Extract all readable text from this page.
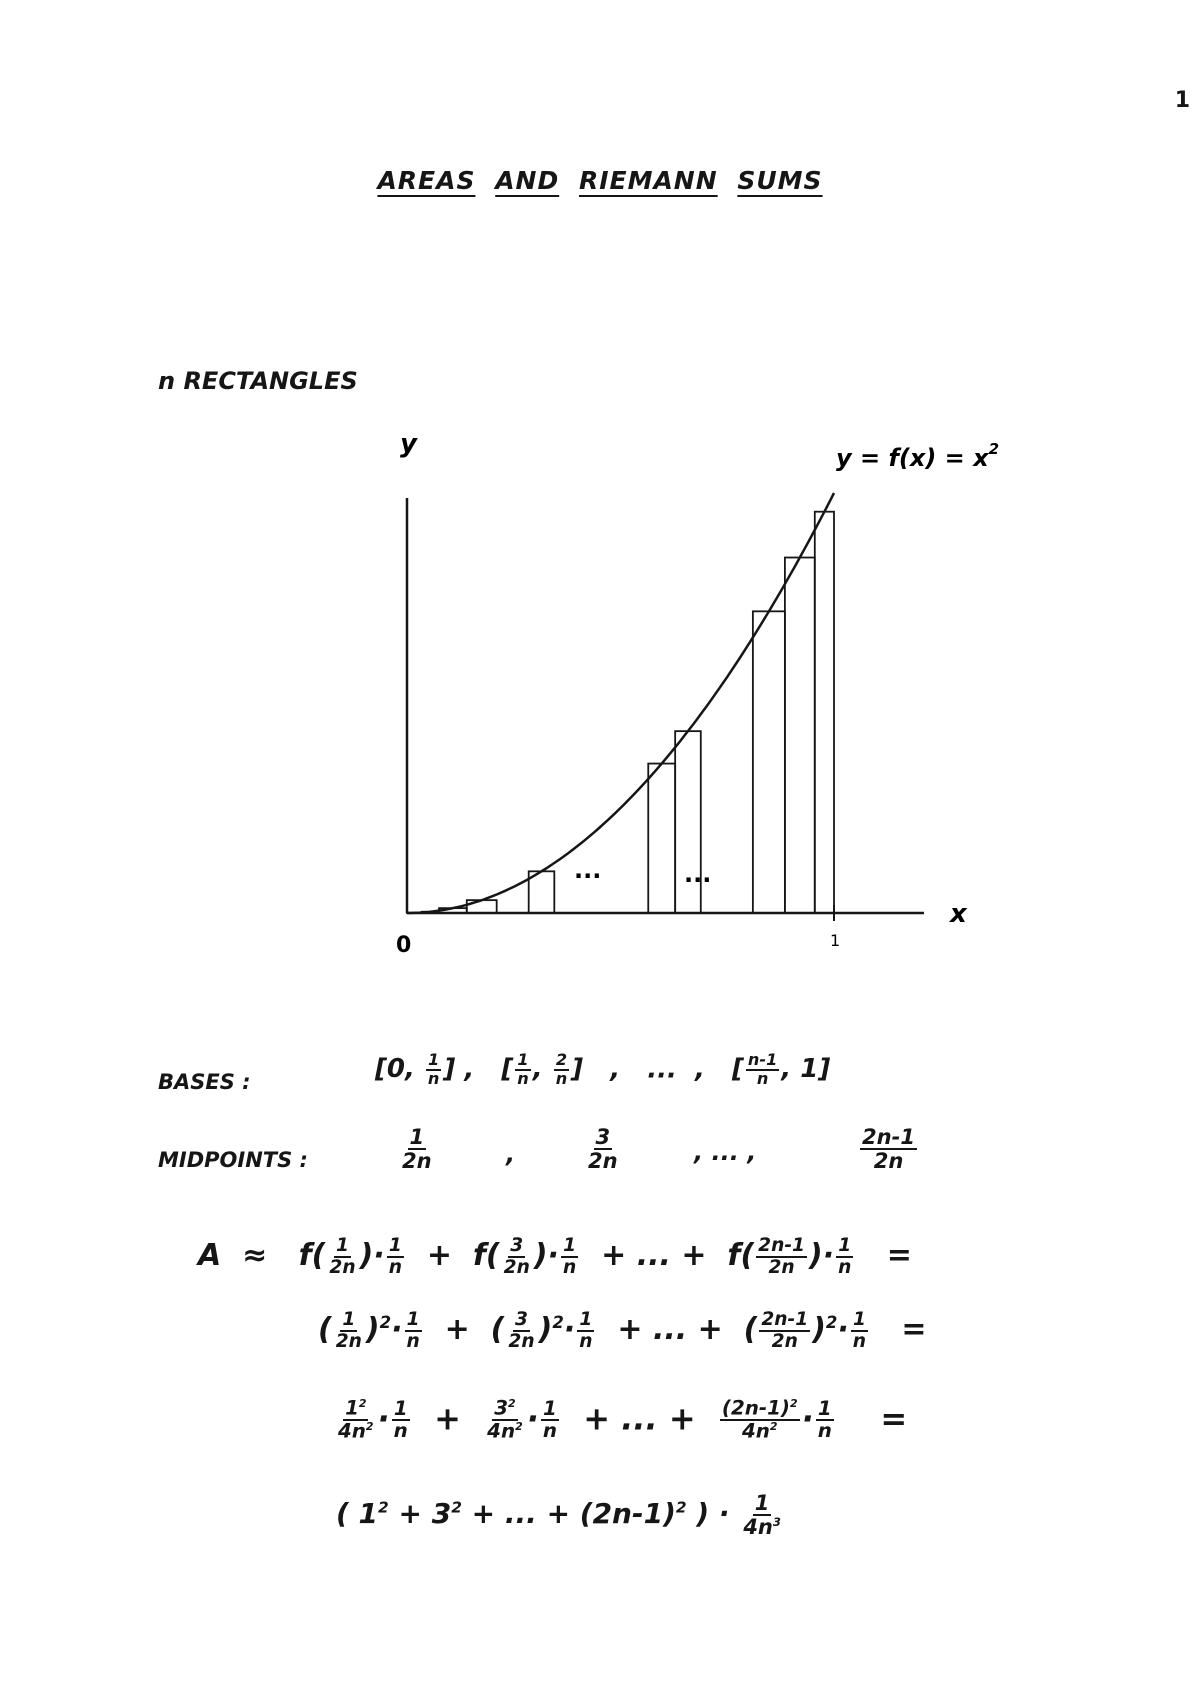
1
AREAS AND RIEMANN SUMS
n RECTANGLES
y
x
$y = f(x) = x^2$
0	1
...	...
BASES :	[0, $\frac{1}{n}$ ] ,   [ $\frac{1}{n}$ , $\frac{2}{n}$ ]   ,   ...  ,   [ $\frac{n-1}{n}$ , 1]
MIDPOINTS :	$\frac{1}{2n}$	,	$\frac{3}{2n}$	, ... ,	$\frac{2n-1}{2n}$
$A \approx f( \frac{1}{2n}$ )· $\frac{1}{n} + f( \frac{3}{2n}$ )· $\frac{1}{n}$ + ... + $f( \frac{2n-1}{2n}$ )· $\frac{1}{n}$ =
( $\frac{1}{2n} )^2\cdot \frac{1}{n}$ +  ( $\frac{3}{2n} )^2\cdot \frac{1}{n}$ + ... +  ( $\frac{2n-1}{2n} )^2\cdot \frac{1}{n}$ =
$\frac{1^2}{4n^2} \cdot \frac{1}{n} + \frac{3^2}{4n^2} \cdot \frac{1}{n}$ + ... + $\frac{(2n-1)^2}{4n^2} \cdot \frac{1}{n}$ =
( $1^2 + 3^2$ + ... + $(2n-1)^2$ ) · $\frac{1}{4n^3}$
